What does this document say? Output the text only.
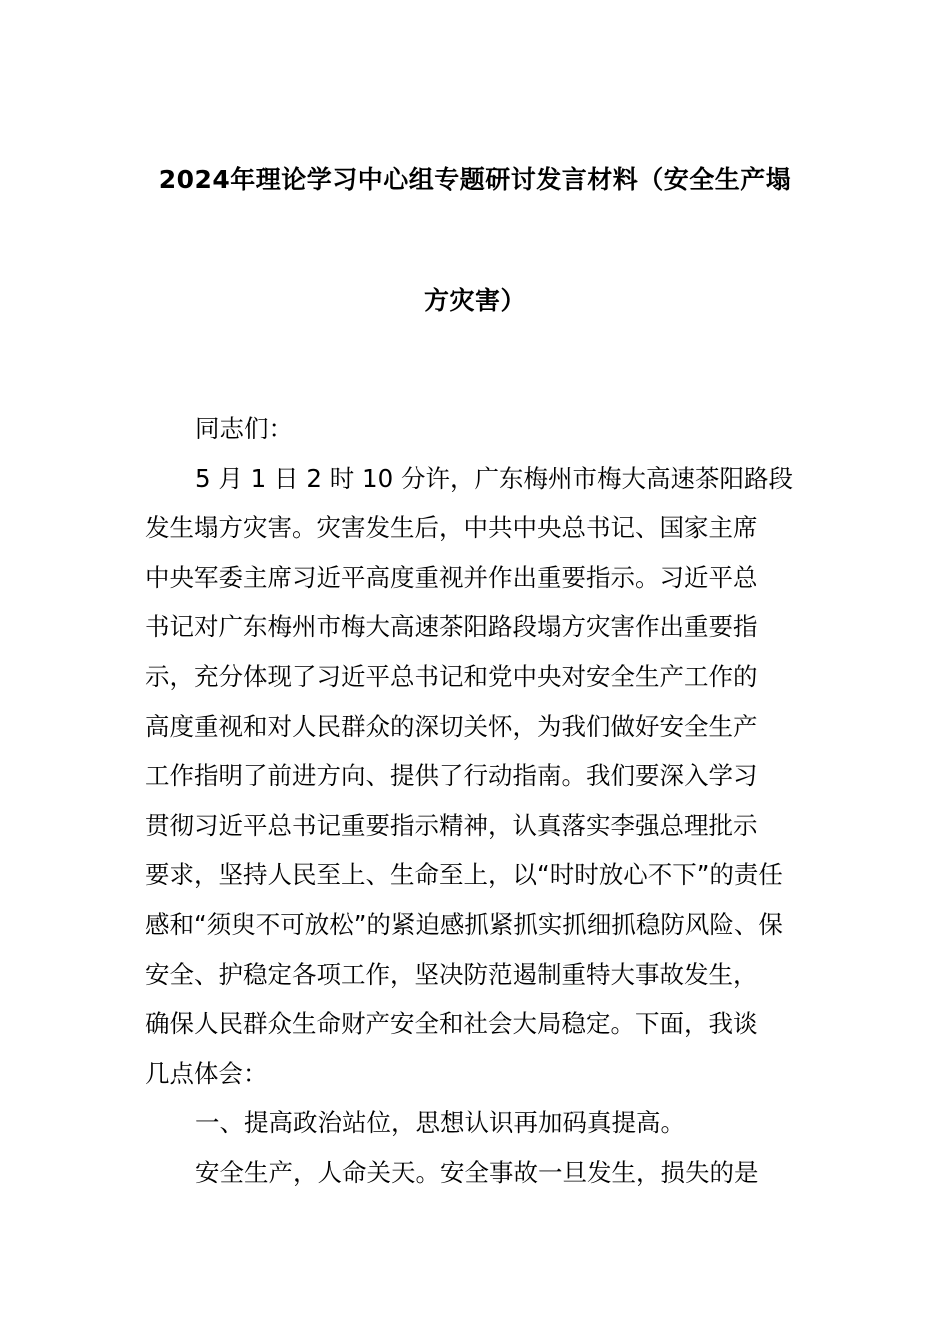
2024年理论学习中心组专题研讨发言材料（安全生产塌
方灾害）
同志们：
5 月 1 日 2 时 10 分许，广东梅州市梅大高速茶阳路段
发生塌方灾害。灾害发生后，中共中央总书记、国家主席
中央军委主席习近平高度重视并作出重要指示。习近平总
书记对广东梅州市梅大高速茶阳路段塌方灾害作出重要指
示，充分体现了习近平总书记和党中央对安全生产工作的
高度重视和对人民群众的深切关怀，为我们做好安全生产
工作指明了前进方向、提供了行动指南。我们要深入学习
贯彻习近平总书记重要指示精神，认真落实李强总理批示
要求，坚持人民至上、生命至上，以“时时放心不下”的责任
感和“须臾不可放松”的紧迫感抓紧抓实抓细抓稳防风险、保
安全、护稳定各项工作，坚决防范遏制重特大事故发生，
确保人民群众生命财产安全和社会大局稳定。下面，我谈
几点体会：
一、提高政治站位，思想认识再加码真提高。
安全生产，人命关天。安全事故一旦发生，损失的是
